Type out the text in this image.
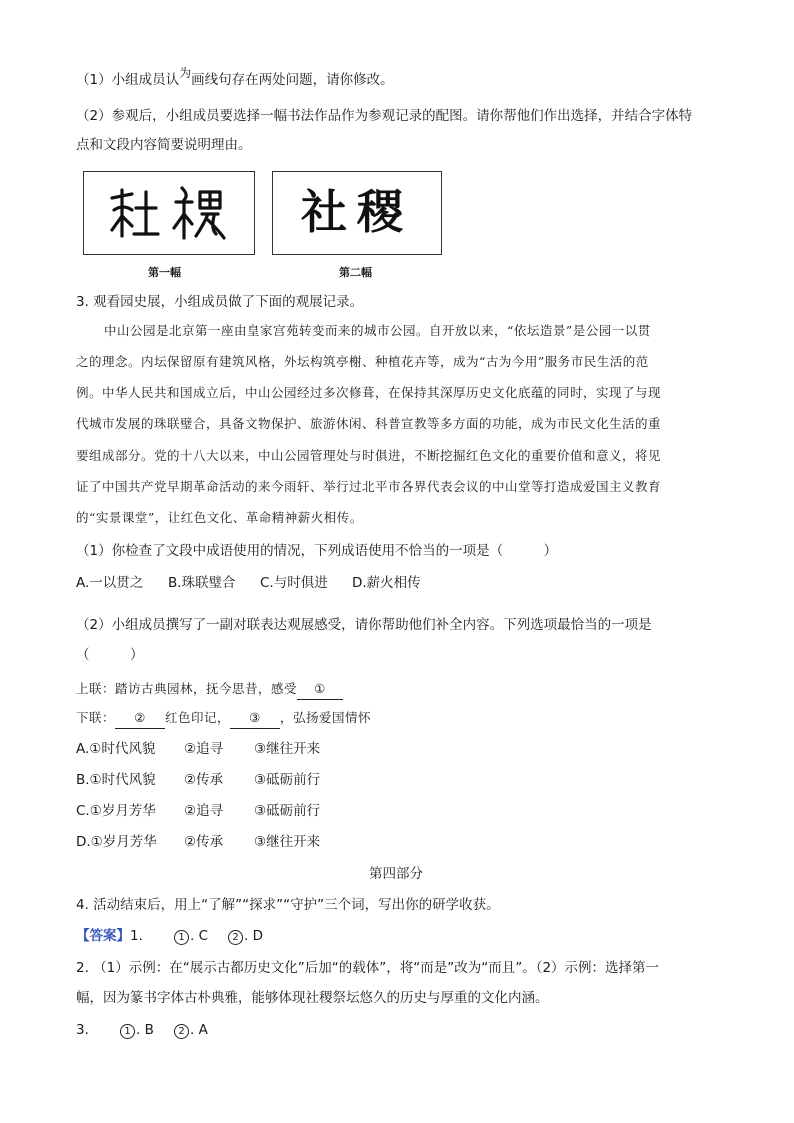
（1）小组成员认为画线句存在两处问题，请你修改。
（2）参观后，小组成员要选择一幅书法作品作为参观记录的配图。请你帮他们作出选择，并结合字体特
点和文段内容简要说明理由。
社稷
第一幅	第二幅
3. 观看园史展，小组成员做了下面的观展记录。
中山公园是北京第一座由皇家宫苑转变而来的城市公园。自开放以来，“依坛造景”是公园一以贯
之的理念。内坛保留原有建筑风格，外坛构筑亭榭、种植花卉等，成为“古为今用”服务市民生活的范
例。中华人民共和国成立后，中山公园经过多次修葺，在保持其深厚历史文化底蕴的同时，实现了与现
代城市发展的珠联璧合，具备文物保护、旅游休闲、科普宣教等多方面的功能，成为市民文化生活的重
要组成部分。党的十八大以来，中山公园管理处与时俱进，不断挖掘红色文化的重要价值和意义，将见
证了中国共产党早期革命活动的来今雨轩、举行过北平市各界代表会议的中山堂等打造成爱国主义教育
的“实景课堂”，让红色文化、革命精神薪火相传。
（1）你检查了文段中成语使用的情况，下列成语使用不恰当的一项是（　　　）
A.一以贯之 B.珠联璧合 C.与时俱进 D.薪火相传
（2）小组成员撰写了一副对联表达观展感受，请你帮助他们补全内容。下列选项最恰当的一项是
（　　　）
上联：踏访古典园林，抚今思昔，感受 ①
下联： ② 红色印记， ③ ，弘扬爱国情怀
A.①时代风貌 ②追寻 ③继往开来
B.①时代风貌 ②传承 ③砥砺前行
C.①岁月芳华 ②追寻 ③砥砺前行
D.①岁月芳华 ②传承 ③继往开来
第四部分
4. 活动结束后，用上“了解”“探求”“守护”三个词，写出你的研学收获。
【答案】1.	1 . C 2 . D
2. （1）示例：在“展示古都历史文化”后加“的载体”，将“而是”改为“而且”。（2）示例：选择第一
幅，因为篆书字体古朴典雅，能够体现社稷祭坛悠久的历史与厚重的文化内涵。
3.	1 . B 2 . A
